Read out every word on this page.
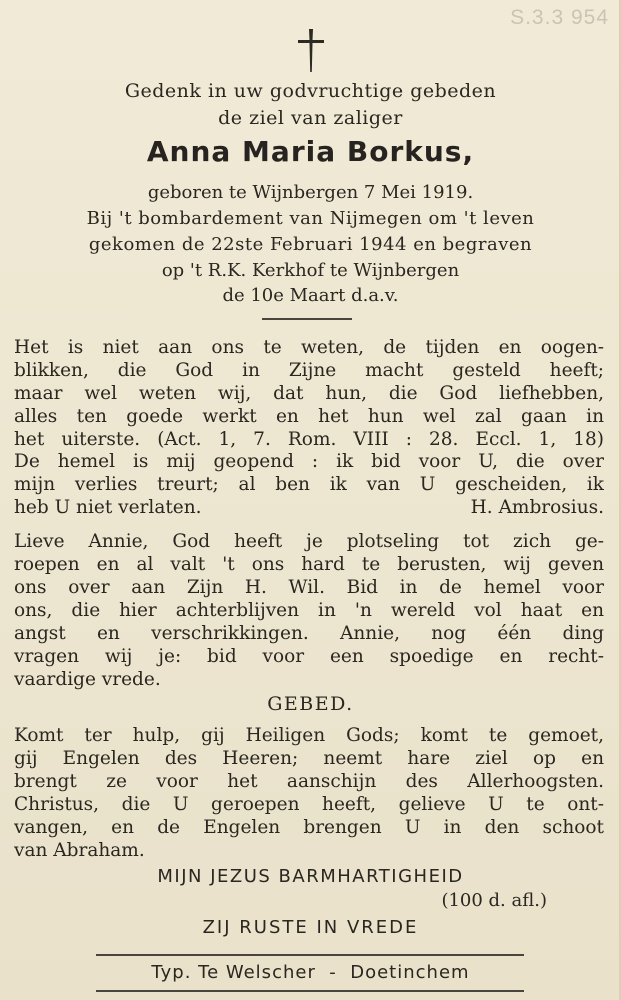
S.3.3 954
Gedenk in uw godvruchtige gebeden
de ziel van zaliger
Anna Maria Borkus,
geboren te Wijnbergen 7 Mei 1919.
Bij 't bombardement van Nijmegen om 't leven
gekomen de 22ste Februari 1944 en begraven
op 't R.K. Kerkhof te Wijnbergen
de 10e Maart d.a.v.
Het is niet aan ons te weten, de tijden en oogen-
blikken, die God in Zijne macht gesteld heeft;
maar wel weten wij, dat hun, die God liefhebben,
alles ten goede werkt en het hun wel zal gaan in
het uiterste. (Act. 1, 7. Rom. VIII : 28. Eccl. 1, 18)
De hemel is mij geopend : ik bid voor U, die over
mijn verlies treurt; al ben ik van U gescheiden, ik
heb U niet verlaten.	H. Ambrosius.
Lieve Annie, God heeft je plotseling tot zich ge-
roepen en al valt 't ons hard te berusten, wij geven
ons over aan Zijn H. Wil. Bid in de hemel voor
ons, die hier achterblijven in 'n wereld vol haat en
angst en verschrikkingen. Annie, nog één ding
vragen wij je: bid voor een spoedige en recht-
vaardige vrede.
GEBED.
Komt ter hulp, gij Heiligen Gods; komt te gemoet,
gij Engelen des Heeren; neemt hare ziel op en
brengt ze voor het aanschijn des Allerhoogsten.
Christus, die U geroepen heeft, gelieve U te ont-
vangen, en de Engelen brengen U in den schoot
van Abraham.
MIJN JEZUS BARMHARTIGHEID
(100 d. afl.)
ZIJ RUSTE IN VREDE
Typ. Te Welscher  -  Doetinchem
